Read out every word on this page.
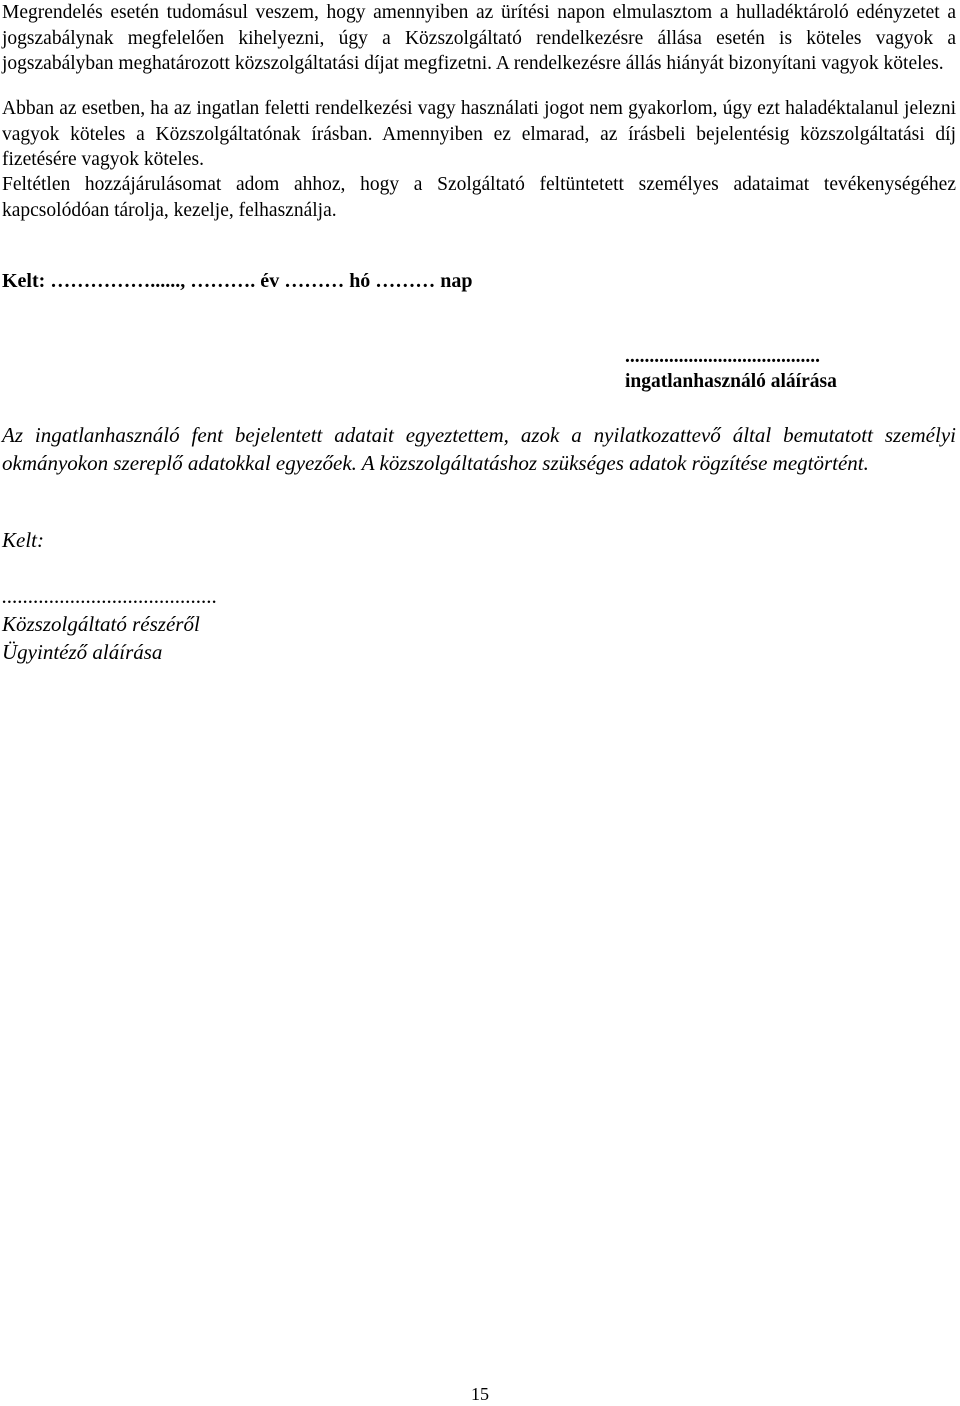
Megrendelés esetén tudomásul veszem, hogy amennyiben az ürítési napon elmulasztom a hulladéktároló edényzetet a jogszabálynak megfelelően kihelyezni, úgy a Közszolgáltató rendelkezésre állása esetén is köteles vagyok a jogszabályban meghatározott közszolgáltatási díjat megfizetni. A rendelkezésre állás hiányát bizonyítani vagyok köteles.

Abban az esetben, ha az ingatlan feletti rendelkezési vagy használati jogot nem gyakorlom, úgy ezt haladéktalanul jelezni vagyok köteles a Közszolgáltatónak írásban. Amennyiben ez elmarad, az írásbeli bejelentésig közszolgáltatási díj fizetésére vagyok köteles.

Feltétlen hozzájárulásomat adom ahhoz, hogy a Szolgáltató feltüntetett személyes adataimat tevékenységéhez kapcsolódóan tárolja, kezelje, felhasználja.

Kelt: ……………......, ………. év ……… hó ……… nap
........................................
ingatlanhasználó aláírása

Az ingatlanhasználó fent bejelentett adatait egyeztettem, azok a nyilatkozattevő által bemutatott személyi okmányokon szereplő adatokkal egyezőek. A közszolgáltatáshoz szükséges adatok rögzítése megtörtént.

Kelt:
.........................................
Közszolgáltató részéről
Ügyintéző aláírása
15
